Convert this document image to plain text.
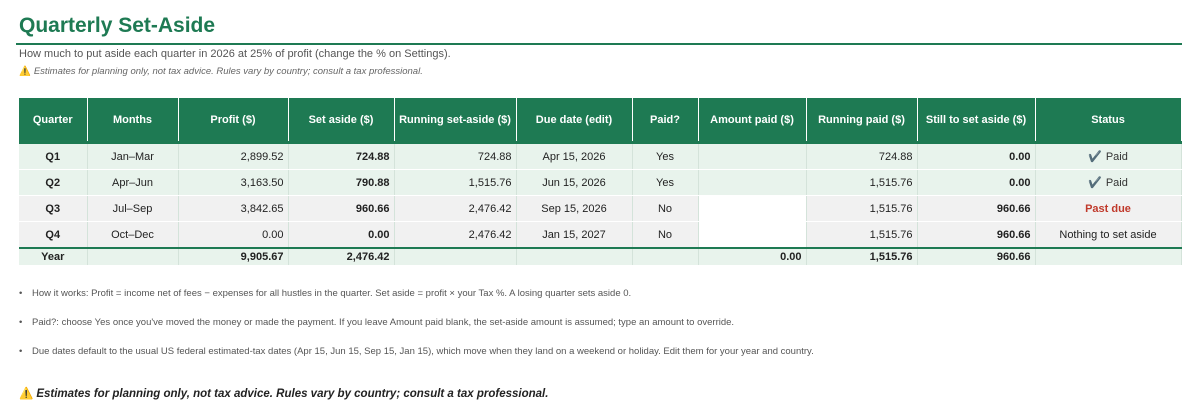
Quarterly Set-Aside
How much to put aside each quarter in 2026 at 25% of profit (change the % on Settings).
⚠️ Estimates for planning only, not tax advice. Rules vary by country; consult a tax professional.
Quarter	Months	Profit ($)	Set aside ($)	Running set-aside ($)	Due date (edit)	Paid?	Amount paid ($)	Running paid ($)	Still to set aside ($)	Status
Q1	Jan–Mar	2,899.52	724.88	724.88	Apr 15, 2026	Yes		724.88	0.00	✔️ Paid
Q2	Apr–Jun	3,163.50	790.88	1,515.76	Jun 15, 2026	Yes		1,515.76	0.00	✔️ Paid
Q3	Jul–Sep	3,842.65	960.66	2,476.42	Sep 15, 2026	No		1,515.76	960.66	Past due
Q4	Oct–Dec	0.00	0.00	2,476.42	Jan 15, 2027	No		1,515.76	960.66	Nothing to set aside
Year		9,905.67	2,476.42				0.00	1,515.76	960.66	
• How it works: Profit = income net of fees − expenses for all hustles in the quarter. Set aside = profit × your Tax %. A losing quarter sets aside 0.
• Paid?: choose Yes once you've moved the money or made the payment. If you leave Amount paid blank, the set-aside amount is assumed; type an amount to override.
• Due dates default to the usual US federal estimated-tax dates (Apr 15, Jun 15, Sep 15, Jan 15), which move when they land on a weekend or holiday. Edit them for your year and country.
⚠️ Estimates for planning only, not tax advice. Rules vary by country; consult a tax professional.
